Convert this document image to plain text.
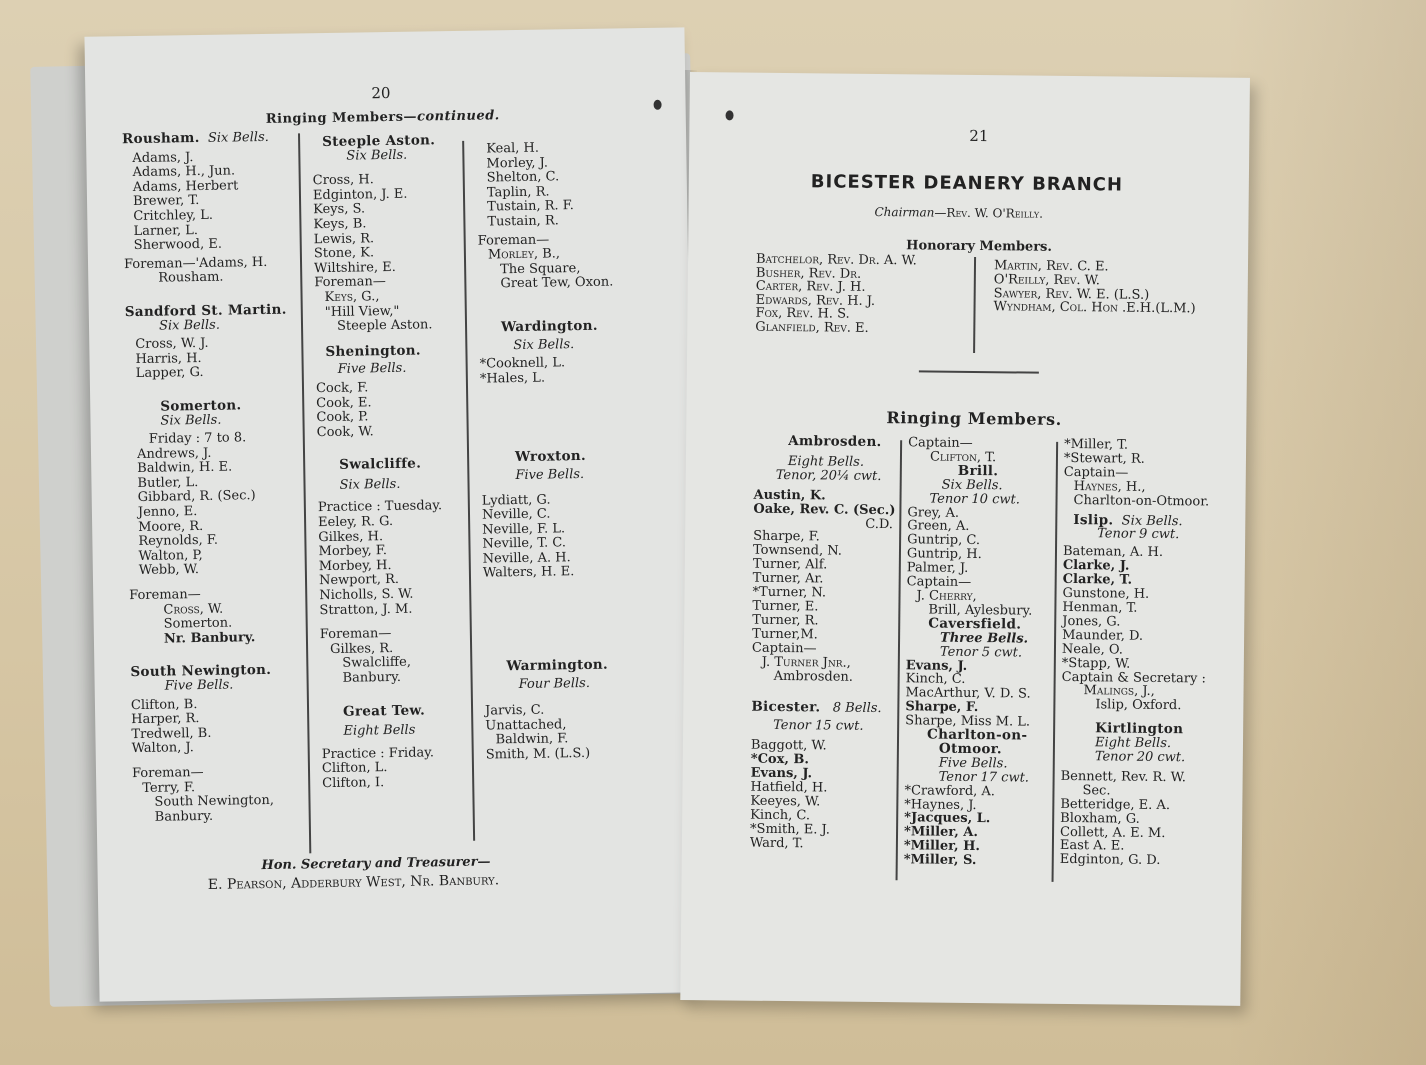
20
Ringing Members—continued.
Rousham. Six Bells.
Adams, J.
Adams, H., Jun.
Adams, Herbert
Brewer, T.
Critchley, L.
Larner, L.
Sherwood, E.
Foreman—'Adams, H.
Rousham.
Sandford St. Martin.
Six Bells.
Cross, W. J.
Harris, H.
Lapper, G.
Somerton.
Six Bells.
Friday : 7 to 8.
Andrews, J.
Baldwin, H. E.
Butler, L.
Gibbard, R. (Sec.)
Jenno, E.
Moore, R.
Reynolds, F.
Walton, P,
Webb, W.
Foreman—
Cross, W.
Somerton.
Nr. Banbury.
South Newington.
Five Bells.
Clifton, B.
Harper, R.
Tredwell, B.
Walton, J.
Foreman—
Terry, F.
South Newington,
Banbury.
Steeple Aston.
Six Bells.
Cross, H.
Edginton, J. E.
Keys, S.
Keys, B.
Lewis, R.
Stone, K.
Wiltshire, E.
Foreman—
Keys, G.,
"Hill View,"
Steeple Aston.
Shenington.
Five Bells.
Cock, F.
Cook, E.
Cook, P.
Cook, W.
Swalcliffe.
Six Bells.
Practice : Tuesday.
Eeley, R. G.
Gilkes, H.
Morbey, F.
Morbey, H.
Newport, R.
Nicholls, S. W.
Stratton, J. M.
Foreman—
Gilkes, R.
Swalcliffe,
Banbury.
Great Tew.
Eight Bells
Practice : Friday.
Clifton, L.
Clifton, I.
Keal, H.
Morley, J.
Shelton, C.
Taplin, R.
Tustain, R. F.
Tustain, R.
Foreman—
Morley, B.,
The Square,
Great Tew, Oxon.
Wardington.
Six Bells.
*Cooknell, L.
*Hales, L.
Wroxton.
Five Bells.
Lydiatt, G.
Neville, C.
Neville, F. L.
Neville, T. C.
Neville, A. H.
Walters, H. E.
Warmington.
Four Bells.
Jarvis, C.
Unattached,
Baldwin, F.
Smith, M. (L.S.)
Hon. Secretary and Treasurer—
E. Pearson, Adderbury West, Nr. Banbury.
21
BICESTER DEANERY BRANCH
Chairman—Rev. W. O'Reilly.
Honorary Members.
Batchelor, Rev. Dr. A. W.
Busher, Rev. Dr.
Carter, Rev. J. H.
Edwards, Rev. H. J.
Fox, Rev. H. S.
Glanfield, Rev. E.
Martin, Rev. C. E.
O'Reilly, Rev. W.
Sawyer, Rev. W. E. (L.S.)
Wyndham, Col. Hon .E.H.(L.M.)
Ringing Members.
Ambrosden.
Eight Bells.
Tenor, 20¼ cwt.
Austin, K.
Oake, Rev. C. (Sec.)
C.D.
Sharpe, F.
Townsend, N.
Turner, Alf.
Turner, Ar.
*Turner, N.
Turner, E.
Turner, R.
Turner,M.
Captain—
J. Turner Jnr.,
Ambrosden.
Bicester. 8 Bells.
Tenor 15 cwt.
Baggott, W.
*Cox, B.
Evans, J.
Hatfield, H.
Keeyes, W.
Kinch, C.
*Smith, E. J.
Ward, T.
Captain—
Clifton, T.
Brill.
Six Bells.
Tenor 10 cwt.
Grey, A.
Green, A.
Guntrip, C.
Guntrip, H.
Palmer, J.
Captain—
J. Cherry,
Brill, Aylesbury.
Caversfield.
Three Bells.
Tenor 5 cwt.
Evans, J.
Kinch, C.
MacArthur, V. D. S.
Sharpe, F.
Sharpe, Miss M. L.
Charlton-on-
Otmoor.
Five Bells.
Tenor 17 cwt.
*Crawford, A.
*Haynes, J.
*Jacques, L.
*Miller, A.
*Miller, H.
*Miller, S.
*Miller, T.
*Stewart, R.
Captain—
Haynes, H.,
Charlton-on-Otmoor.
Islip. Six Bells.
Tenor 9 cwt.
Bateman, A. H.
Clarke, J.
Clarke, T.
Gunstone, H.
Henman, T.
Jones, G.
Maunder, D.
Neale, O.
*Stapp, W.
Captain & Secretary :
Malings, J.,
Islip, Oxford.
Kirtlington
Eight Bells.
Tenor 20 cwt.
Bennett, Rev. R. W.
Sec.
Betteridge, E. A.
Bloxham, G.
Collett, A. E. M.
East A. E.
Edginton, G. D.
